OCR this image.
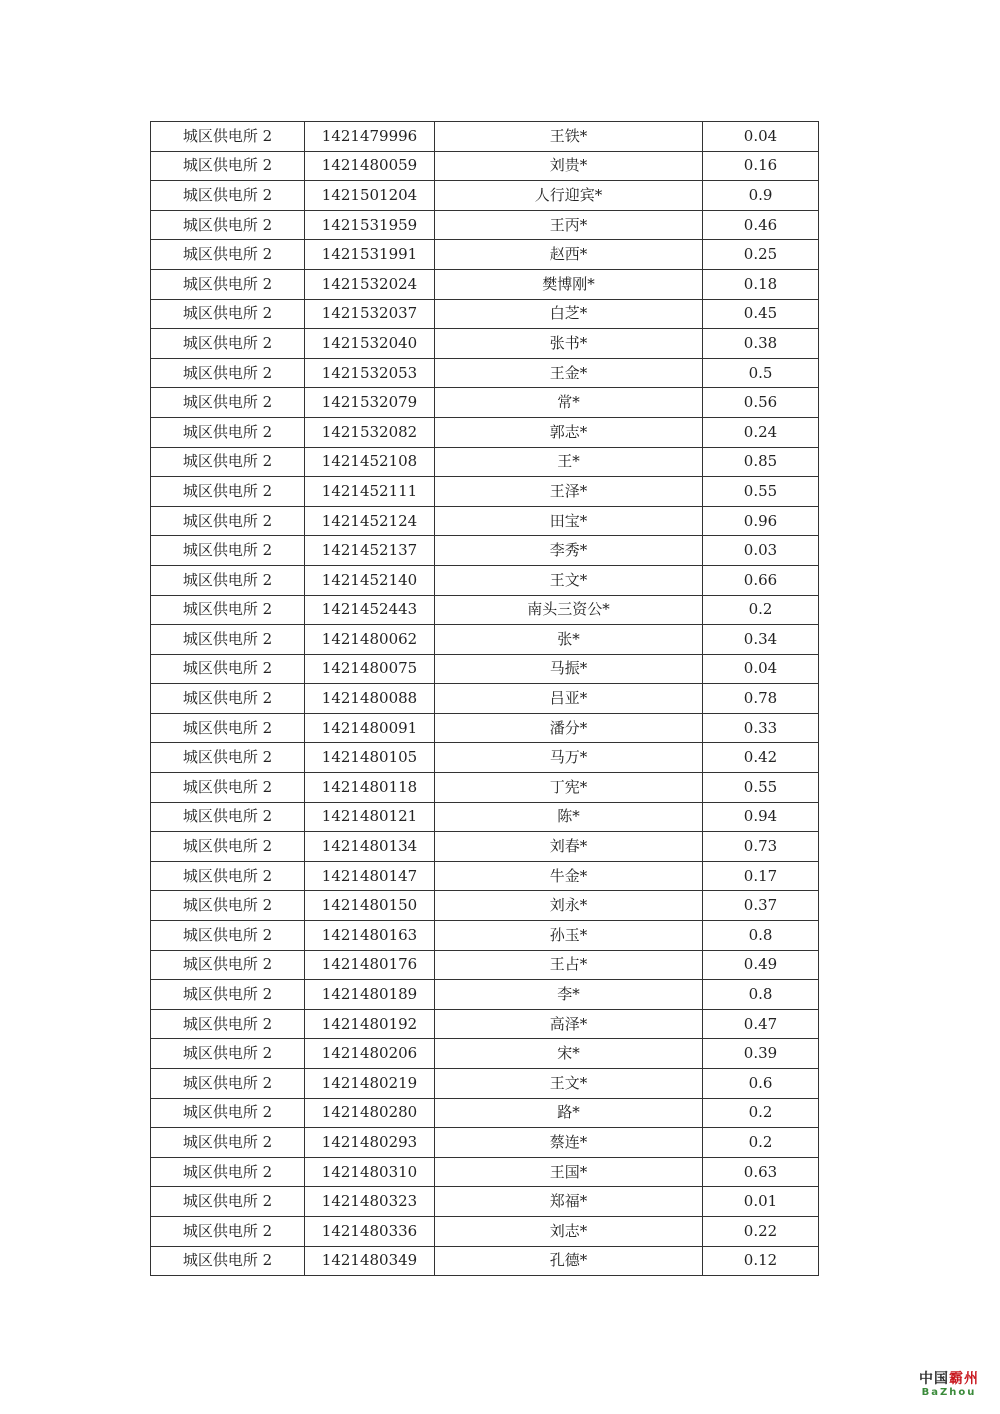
城区供电所 2	1421479996	王铁*	0.04
城区供电所 2	1421480059	刘贵*	0.16
城区供电所 2	1421501204	人行迎宾*	0.9
城区供电所 2	1421531959	王丙*	0.46
城区供电所 2	1421531991	赵西*	0.25
城区供电所 2	1421532024	樊博刚*	0.18
城区供电所 2	1421532037	白芝*	0.45
城区供电所 2	1421532040	张书*	0.38
城区供电所 2	1421532053	王金*	0.5
城区供电所 2	1421532079	常*	0.56
城区供电所 2	1421532082	郭志*	0.24
城区供电所 2	1421452108	王*	0.85
城区供电所 2	1421452111	王泽*	0.55
城区供电所 2	1421452124	田宝*	0.96
城区供电所 2	1421452137	李秀*	0.03
城区供电所 2	1421452140	王文*	0.66
城区供电所 2	1421452443	南头三资公*	0.2
城区供电所 2	1421480062	张*	0.34
城区供电所 2	1421480075	马振*	0.04
城区供电所 2	1421480088	吕亚*	0.78
城区供电所 2	1421480091	潘分*	0.33
城区供电所 2	1421480105	马万*	0.42
城区供电所 2	1421480118	丁宪*	0.55
城区供电所 2	1421480121	陈*	0.94
城区供电所 2	1421480134	刘春*	0.73
城区供电所 2	1421480147	牛金*	0.17
城区供电所 2	1421480150	刘永*	0.37
城区供电所 2	1421480163	孙玉*	0.8
城区供电所 2	1421480176	王占*	0.49
城区供电所 2	1421480189	李*	0.8
城区供电所 2	1421480192	高泽*	0.47
城区供电所 2	1421480206	宋*	0.39
城区供电所 2	1421480219	王文*	0.6
城区供电所 2	1421480280	路*	0.2
城区供电所 2	1421480293	蔡连*	0.2
城区供电所 2	1421480310	王国*	0.63
城区供电所 2	1421480323	郑福*	0.01
城区供电所 2	1421480336	刘志*	0.22
城区供电所 2	1421480349	孔德*	0.12
中国霸州
BaZhou
